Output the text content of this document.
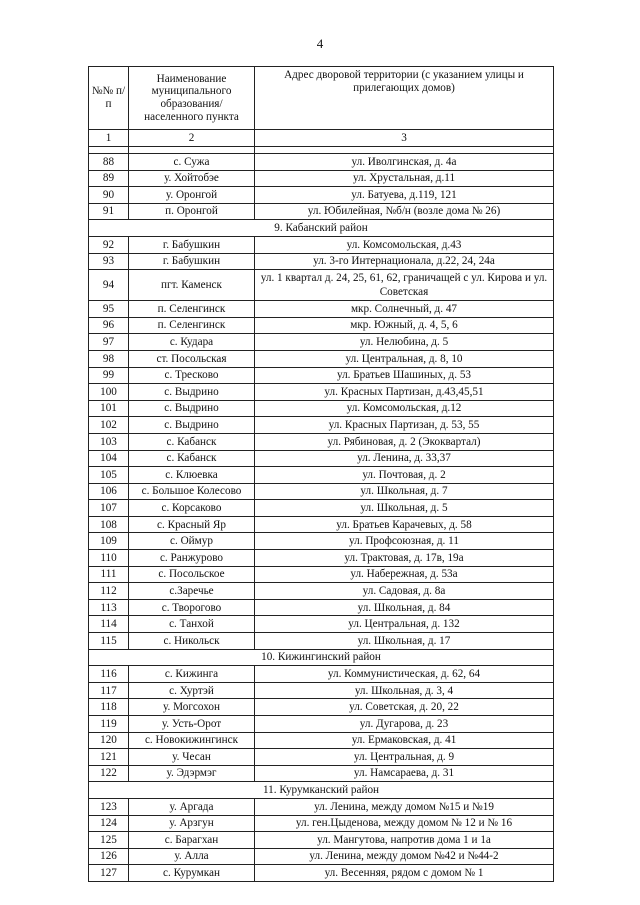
4
№№ п/п	Наименование муниципального образования/населенного пункта	Адрес дворовой территории (с указанием улицы и прилегающих домов)
1	2	3

88	с. Сужа	ул. Иволгинская, д. 4а
89	у. Хойтобэе	ул. Хрустальная, д.11
90	у. Оронгой	ул. Батуева, д.119, 121
91	п. Оронгой	ул. Юбилейная, №б/н (возле дома № 26)
9. Кабанский район		
92	г. Бабушкин	ул. Комсомольская, д.43
93	г. Бабушкин	ул. 3-го Интернационала, д.22, 24, 24а
94	пгт. Каменск	ул. 1 квартал д. 24, 25, 61, 62, граничащей с ул. Кирова и ул. Советская
95	п. Селенгинск	мкр. Солнечный, д. 47
96	п. Селенгинск	мкр. Южный, д. 4, 5, 6
97	с. Кудара	ул. Нелюбина, д. 5
98	ст. Посольская	ул. Центральная, д. 8, 10
99	с. Тресково	ул. Братьев Шашиных, д. 53
100	с. Выдрино	ул. Красных Партизан, д.43,45,51
101	с. Выдрино	ул. Комсомольская, д.12
102	с. Выдрино	ул. Красных Партизан, д. 53, 55
103	с. Кабанск	ул. Рябиновая, д. 2 (Экоквартал)
104	с. Кабанск	ул. Ленина, д. 33,37
105	с. Клюевка	ул. Почтовая, д. 2
106	с. Большое Колесово	ул. Школьная, д. 7
107	с. Корсаково	ул. Школьная, д. 5
108	с. Красный Яр	ул. Братьев Карачевых, д. 58
109	с. Оймур	ул. Профсоюзная, д. 11
110	с. Ранжурово	ул. Трактовая, д. 17в, 19а
111	с. Посольское	ул. Набережная, д. 53а
112	с.Заречье	ул. Садовая, д. 8а
113	с. Творогово	ул. Школьная, д. 84
114	с. Танхой	ул. Центральная, д. 132
115	с. Никольск	ул. Школьная, д. 17
10. Кижингинский район		
116	с. Кижинга	ул. Коммунистическая, д. 62, 64
117	с. Хуртэй	ул. Школьная, д. 3, 4
118	у. Могсохон	ул. Советская, д. 20, 22
119	у. Усть-Орот	ул. Дугарова, д. 23
120	с. Новокижингинск	ул. Ермаковская, д. 41
121	у. Чесан	ул. Центральная, д. 9
122	у. Эдэрмэг	ул. Намсараева, д. 31
11. Курумканский район		
123	у. Аргада	ул. Ленина, между домом №15 и №19
124	у. Арзгун	ул. ген.Цыденова, между домом № 12 и № 16
125	с. Барагхан	ул. Мангутова, напротив дома 1 и 1а
126	у. Алла	ул. Ленина, между домом №42 и №44-2
127	с. Курумкан	ул. Весенняя, рядом с домом № 1
